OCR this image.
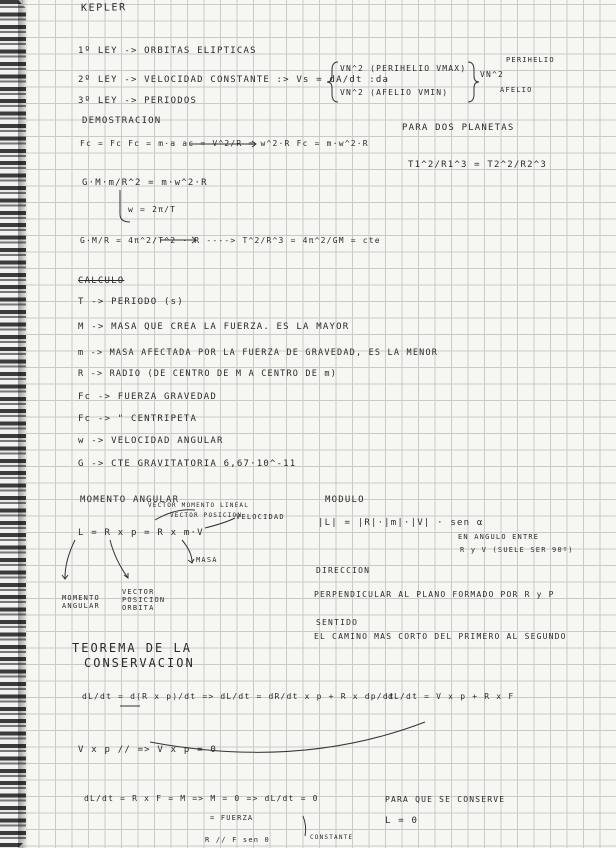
KEPLER
1º LEY -> ORBITAS ELIPTICAS
2º LEY -> VELOCIDAD CONSTANTE :> Vs = dA/dt :da
3º LEY -> PERIODOS
VN^2 (PERIHELIO VMAX)
VN^2 (AFELIO VMIN)
PERIHELIO
AFELIO
VN^2
DEMOSTRACION
Fc = Fc Fc = m·a ac = V^2/R = w^2·R Fc = m·w^2·R
PARA DOS PLANETAS
T1^2/R1^3 = T2^2/R2^3
G·M·m/R^2 = m·w^2·R
w = 2π/T
G·M/R = 4π^2/T^2 · R ----> T^2/R^3 = 4π^2/GM = cte
CALCULO
T -> PERIODO (s)
M -> MASA QUE CREA LA FUERZA. ES LA MAYOR
m -> MASA AFECTADA POR LA FUERZA DE GRAVEDAD, ES LA MENOR
R -> RADIO (DE CENTRO DE M A CENTRO DE m)
Fc -> FUERZA GRAVEDAD
Fc -> " CENTRIPETA
w -> VELOCIDAD ANGULAR
G -> CTE GRAVITATORIA 6,67·10^-11
MOMENTO ANGULAR
L = R x p = R x m·V
VECTOR MOMENTO LINEAL
VECTOR POSICION
VELOCIDAD
MASA
MOMENTO ANGULAR
VECTOR POSICION ORBITA
MODULO
|L| = |R|·|m|·|V| · sen α
EN ANGULO ENTRE
R y V (SUELE SER 90º)
DIRECCION
PERPENDICULAR AL PLANO FORMADO POR R y P
SENTIDO
EL CAMINO MAS CORTO DEL PRIMERO AL SEGUNDO
TEOREMA DE LA
CONSERVACION
dL/dt = d(R x p)/dt => dL/dt = dR/dt x p + R x dp/dt
dL/dt = V x p + R x F
V x p // => V x p = 0
dL/dt = R x F = M => M = 0 => dL/dt = 0	PARA QUE SE CONSERVE
L = 0
= FUERZA
R // F sen 0	CONSTANTE
